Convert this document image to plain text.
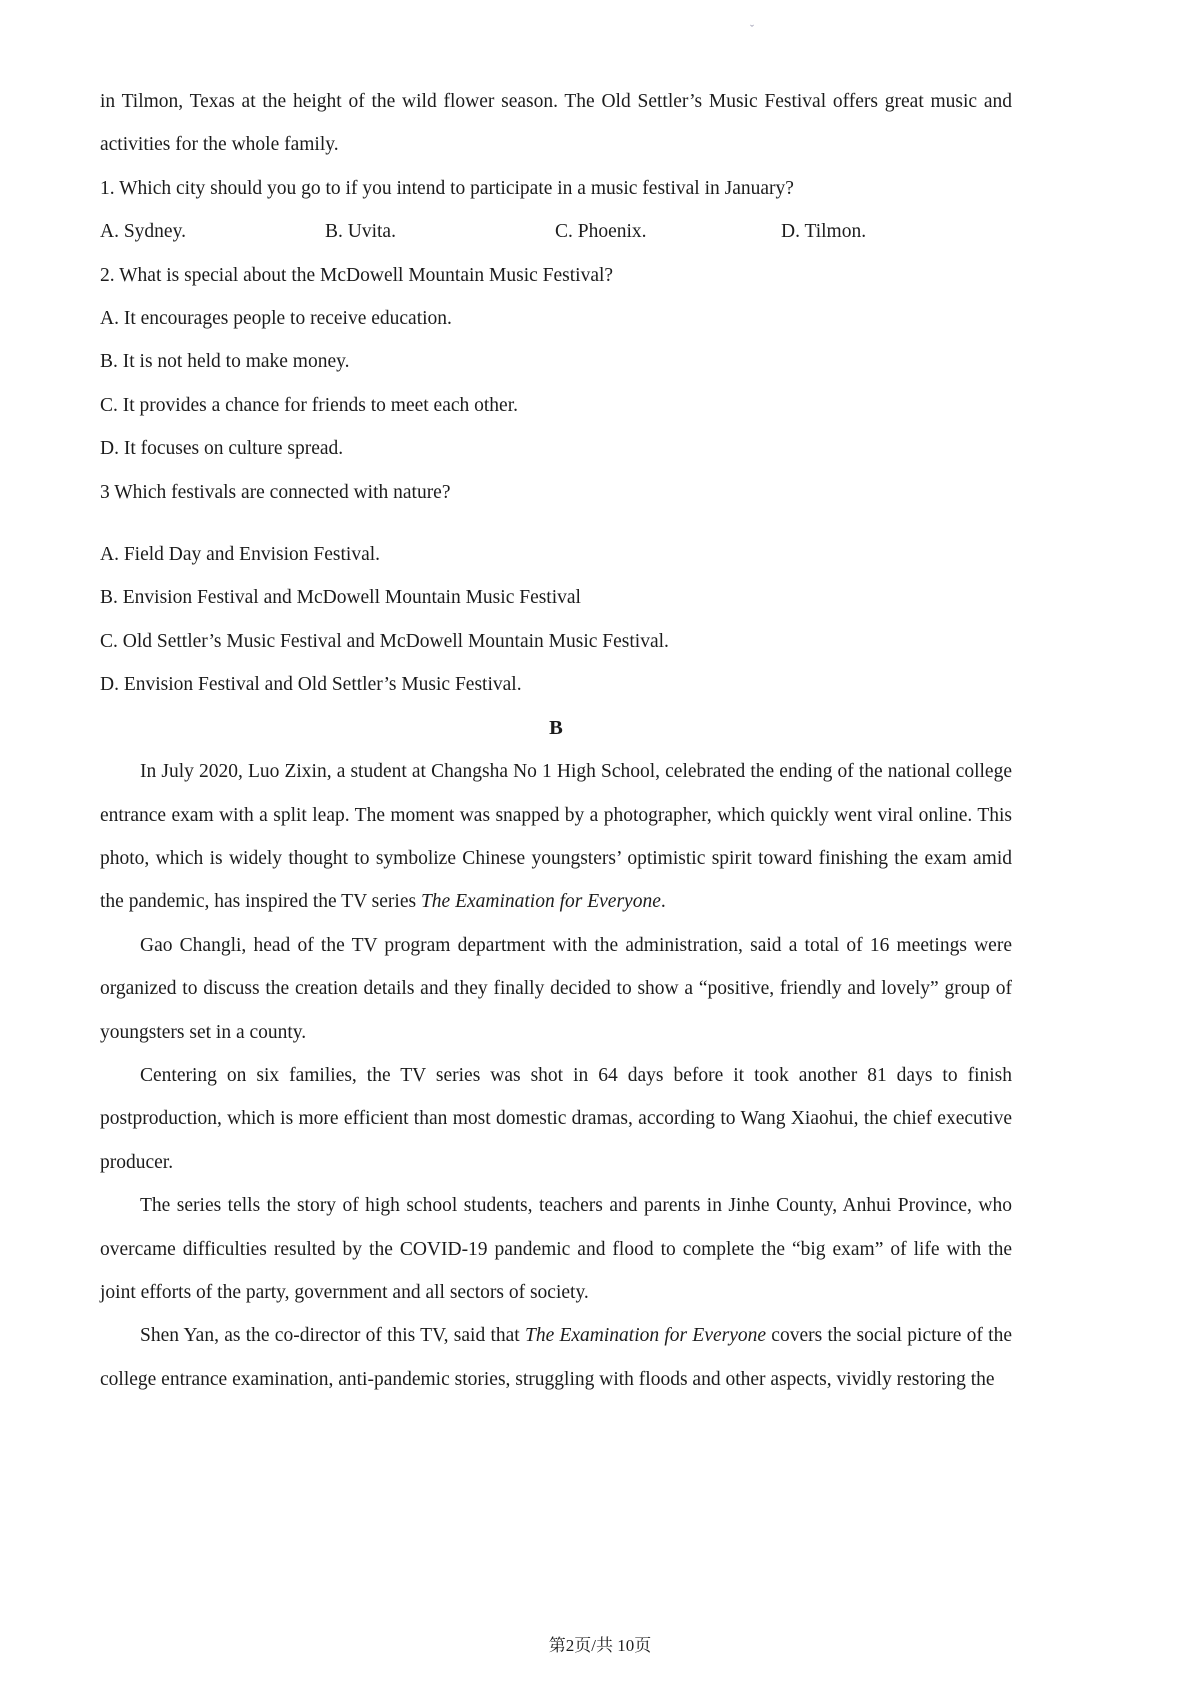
ˇ

in Tilmon, Texas at the height of the wild flower season. The Old Settler’s Music Festival offers great music and activities for the whole family.

1. Which city should you go to if you intend to participate in a music festival in January?

A. Sydney.	B. Uvita.	C. Phoenix.	D. Tilmon.

2. What is special about the McDowell Mountain Music Festival?

A. It encourages people to receive education.

B. It is not held to make money.

C. It provides a chance for friends to meet each other.

D. It focuses on culture spread.

3 Which festivals are connected with nature?

A. Field Day and Envision Festival.

B. Envision Festival and McDowell Mountain Music Festival

C. Old Settler’s Music Festival and McDowell Mountain Music Festival.

D. Envision Festival and Old Settler’s Music Festival.

B

In July 2020, Luo Zixin, a student at Changsha No 1 High School, celebrated the ending of the national college entrance exam with a split leap. The moment was snapped by a photographer, which quickly went viral online. This photo, which is widely thought to symbolize Chinese youngsters’ optimistic spirit toward finishing the exam amid the pandemic, has inspired the TV series The Examination for Everyone.

Gao Changli, head of the TV program department with the administration, said a total of 16 meetings were organized to discuss the creation details and they finally decided to show a “positive, friendly and lovely” group of youngsters set in a county.

Centering on six families, the TV series was shot in 64 days before it took another 81 days to finish postproduction, which is more efficient than most domestic dramas, according to Wang Xiaohui, the chief executive producer.

The series tells the story of high school students, teachers and parents in Jinhe County, Anhui Province, who overcame difficulties resulted by the COVID-19 pandemic and flood to complete the “big exam” of life with the joint efforts of the party, government and all sectors of society.

Shen Yan, as the co-director of this TV, said that The Examination for Everyone covers the social picture of the college entrance examination, anti-pandemic stories, struggling with floods and other aspects, vividly restoring the

第2页/共 10页
